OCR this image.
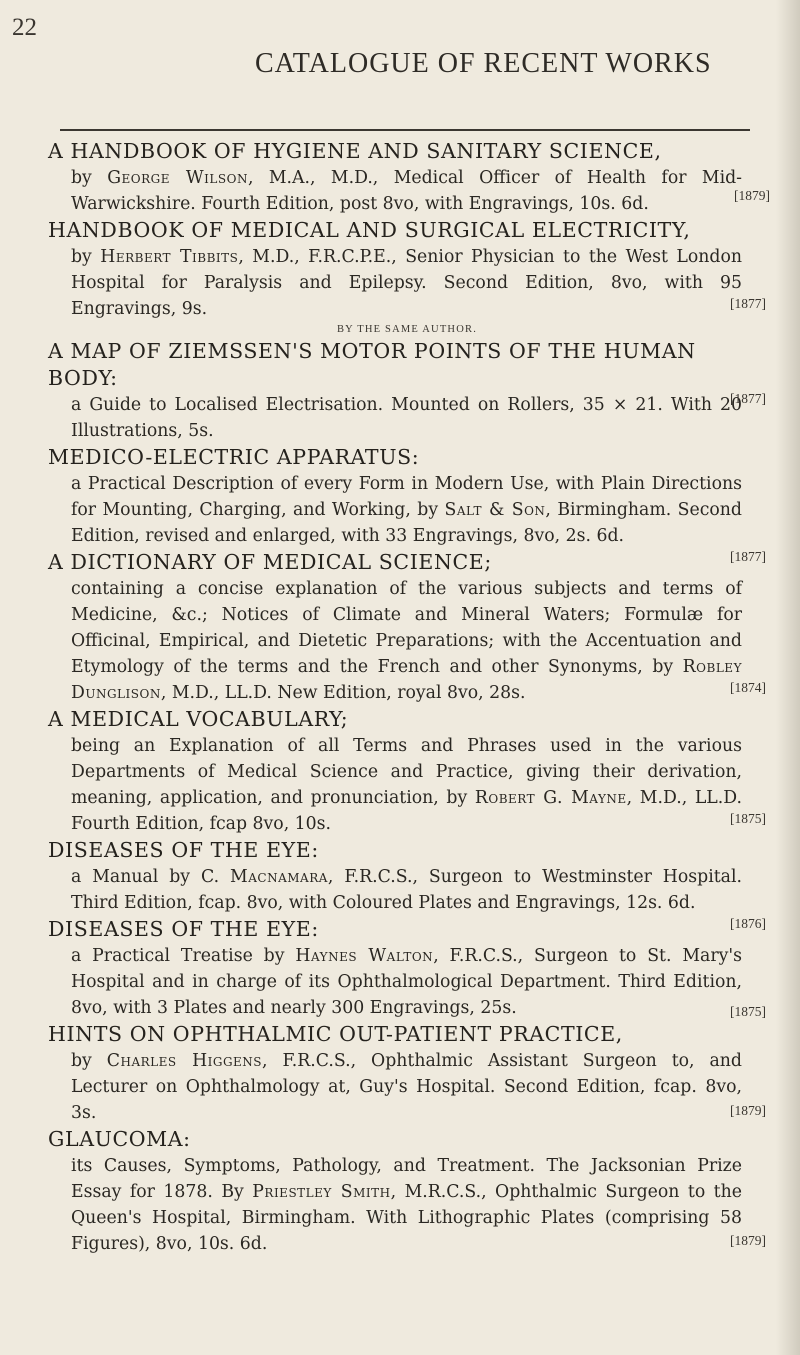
22
CATALOGUE OF RECENT WORKS
A HANDBOOK OF HYGIENE AND SANITARY SCIENCE,
by George Wilson, M.A., M.D., Medical Officer of Health for Mid-Warwickshire. Fourth Edition, post 8vo, with Engravings, 10s. 6d.	[1879]
HANDBOOK OF MEDICAL AND SURGICAL ELECTRICITY,
by Herbert Tibbits, M.D., F.R.C.P.E., Senior Physician to the West London Hospital for Paralysis and Epilepsy. Second Edition, 8vo, with 95 Engravings, 9s.	[1877]
BY THE SAME AUTHOR.
A MAP OF ZIEMSSEN'S MOTOR POINTS OF THE HUMAN BODY:
a Guide to Localised Electrisation. Mounted on Rollers, 35 × 21. With 20 Illustrations, 5s.
[1877]
MEDICO-ELECTRIC APPARATUS:
a Practical Description of every Form in Modern Use, with Plain Directions for Mounting, Charging, and Working, by Salt & Son, Birmingham. Second Edition, revised and enlarged, with 33 Engravings, 8vo, 2s. 6d.
[1877]
A DICTIONARY OF MEDICAL SCIENCE;
containing a concise explanation of the various subjects and terms of Medicine, &c.; Notices of Climate and Mineral Waters; Formulæ for Officinal, Empirical, and Dietetic Preparations; with the Accentuation and Etymology of the terms and the French and other Synonyms, by Robley Dunglison, M.D., LL.D. New Edition, royal 8vo, 28s.	[1874]
A MEDICAL VOCABULARY;
being an Explanation of all Terms and Phrases used in the various Departments of Medical Science and Practice, giving their derivation, meaning, application, and pronunciation, by Robert G. Mayne, M.D., LL.D. Fourth Edition, fcap 8vo, 10s.	[1875]
DISEASES OF THE EYE:
a Manual by C. Macnamara, F.R.C.S., Surgeon to Westminster Hospital. Third Edition, fcap. 8vo, with Coloured Plates and Engravings, 12s. 6d.
[1876]
DISEASES OF THE EYE:
a Practical Treatise by Haynes Walton, F.R.C.S., Surgeon to St. Mary's Hospital and in charge of its Ophthalmological Department. Third Edition, 8vo, with 3 Plates and nearly 300 Engravings, 25s.	[1875]
HINTS ON OPHTHALMIC OUT-PATIENT PRACTICE,
by Charles Higgens, F.R.C.S., Ophthalmic Assistant Surgeon to, and Lecturer on Ophthalmology at, Guy's Hospital. Second Edition, fcap. 8vo, 3s.	[1879]
GLAUCOMA:
its Causes, Symptoms, Pathology, and Treatment. The Jacksonian Prize Essay for 1878. By Priestley Smith, M.R.C.S., Ophthalmic Surgeon to the Queen's Hospital, Birmingham. With Lithographic Plates (comprising 58 Figures), 8vo, 10s. 6d.	[1879]
